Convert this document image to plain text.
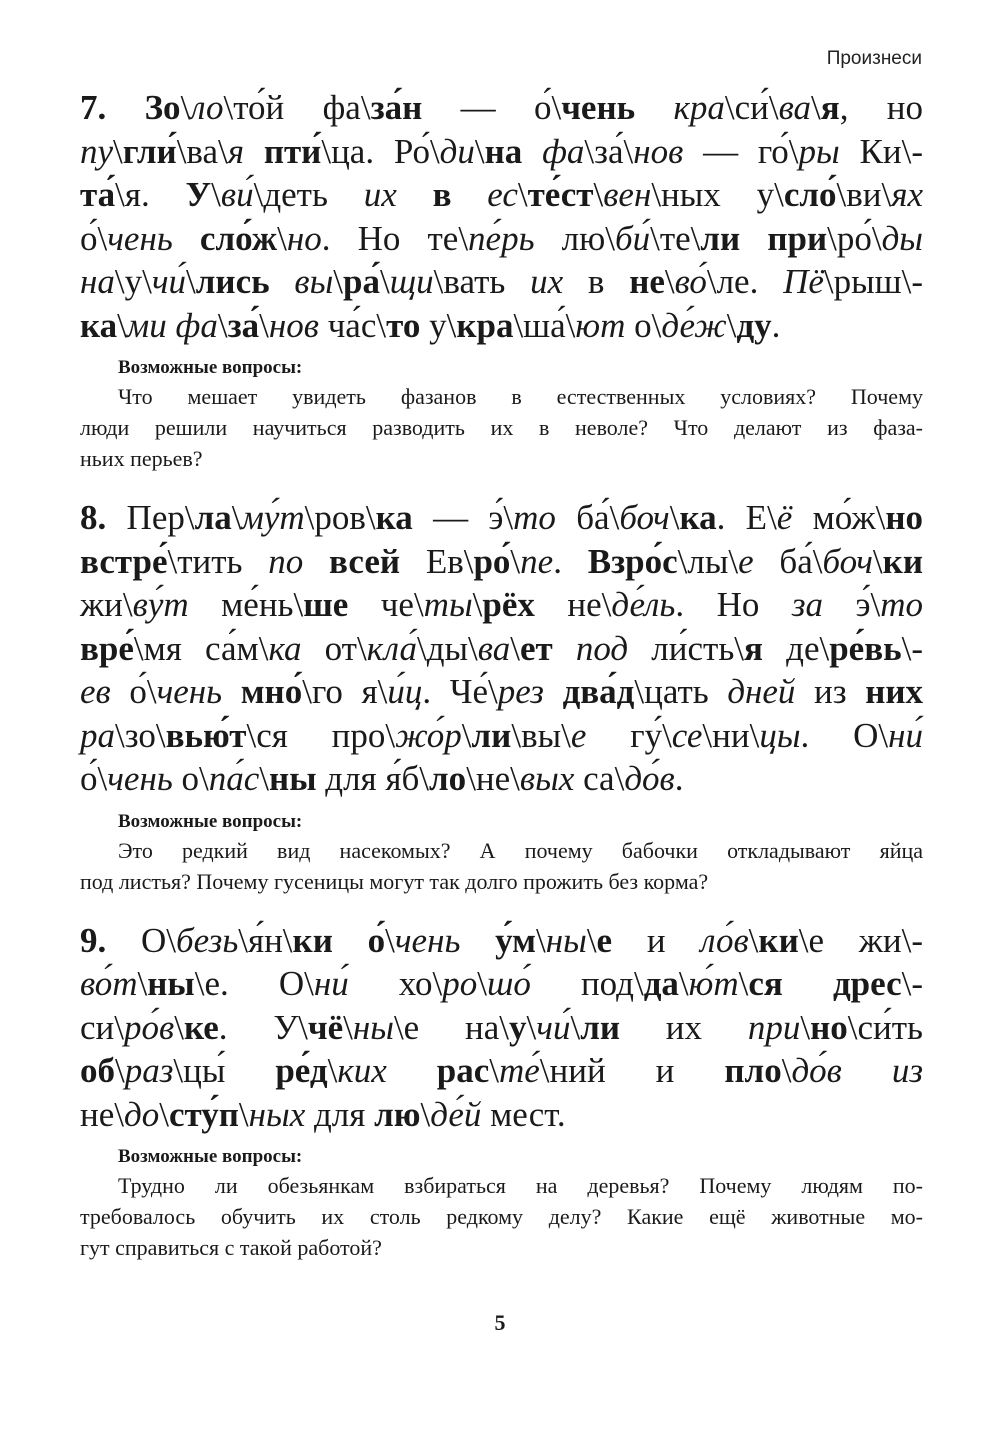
Произнеси
7. Зо\ло\то́й фа\за́н — о́\чень кра\си́\ва\я, но
пу\гли́\ва\я пти́\ца. Ро́\ди\на фа\за́\нов — го́\ры Ки\-
та́\я. У\ви́\деть их в ес\те́ст\вен\ных у\сло́\ви\ях
о́\чень сло́ж\но. Но те\пе́рь лю\би́\те\ли при\ро́\ды
на\у\чи́\лись вы\ра́\щи\вать их в не\во́\ле. Пё\рыш\-
ка\ми фа\за́\нов ча́с\то у\кра\ша́\ют о\де́ж\ду.
Возможные вопросы:
Что мешает увидеть фазанов в естественных условиях? Почему
люди решили научиться разводить их в неволе? Что делают из фаза-
ньих перьев?
8. Пер\ла\му́т\ров\ка — э́\то ба́\боч\ка. Е\ё мо́ж\но
встре́\тить по всей Ев\ро́\пе. Взро́с\лы\е ба́\боч\ки
жи\ву́т ме́нь\ше че\ты\рёх не\де́ль. Но за э́\то
вре́\мя са́м\ка от\кла́\ды\ва\ет под ли́сть\я де\ре́вь\-
ев о́\чень мно́\го я\и́ц. Че́\рез два́д\цать дней из них
ра\зо\вью́т\ся про\жо́р\ли\вы\е гу́\се\ни\цы. О\ни́
о́\чень о\па́с\ны для я́б\ло\не\вых са\до́в.
Возможные вопросы:
Это редкий вид насекомых? А почему бабочки откладывают яйца
под листья? Почему гусеницы могут так долго прожить без корма?
9. О\безь\я́н\ки о́\чень у́м\ны\е и ло́в\ки\е жи\-
во́т\ны\е. О\ни́ хо\ро\шо́ под\да\ю́т\ся дрес\-
си\ро́в\ке. У\чё\ны\е на\у\чи́\ли их при\но\си́ть
об\раз\цы́ ре́д\ких рас\те́\ний и пло\до́в из
не\до\сту́п\ных для лю\де́й мест.
Возможные вопросы:
Трудно ли обезьянкам взбираться на деревья? Почему людям по-
требовалось обучить их столь редкому делу? Какие ещё животные мо-
гут справиться с такой работой?
5
